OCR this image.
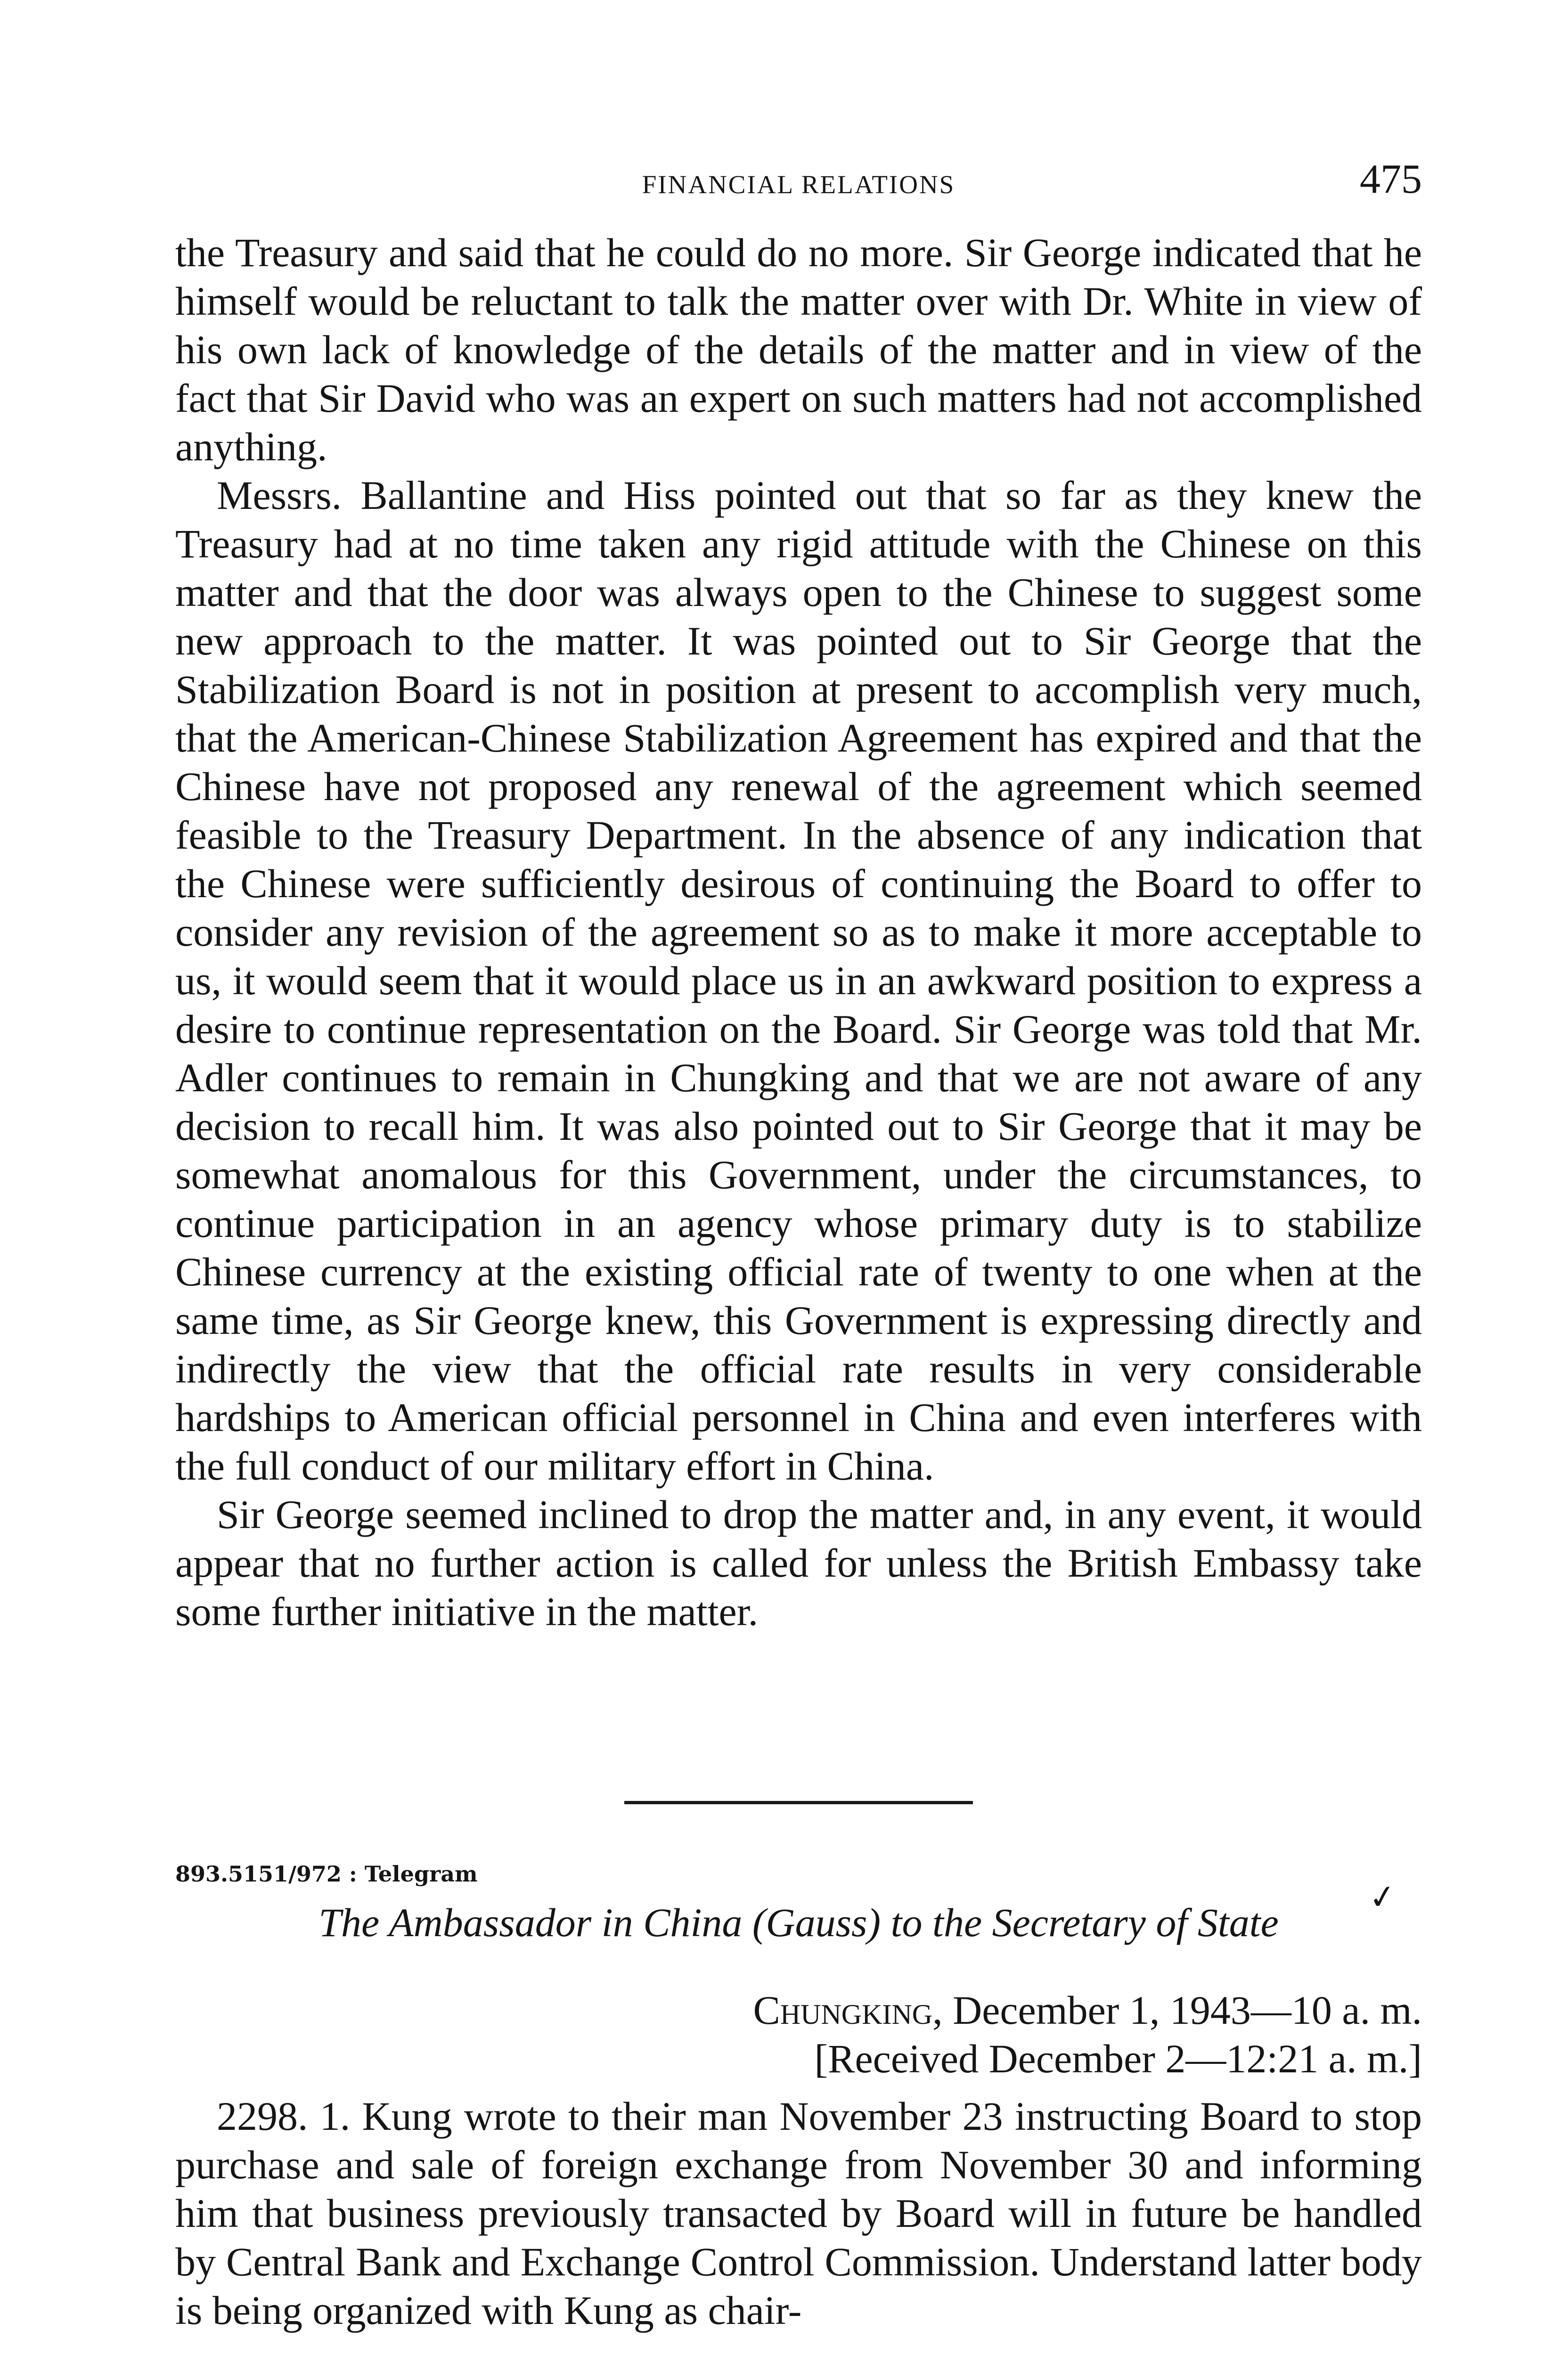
FINANCIAL RELATIONS	475

the Treasury and said that he could do no more. Sir George indicated that he himself would be reluctant to talk the matter over with Dr. White in view of his own lack of knowledge of the details of the matter and in view of the fact that Sir David who was an expert on such matters had not accomplished anything.

Messrs. Ballantine and Hiss pointed out that so far as they knew the Treasury had at no time taken any rigid attitude with the Chinese on this matter and that the door was always open to the Chinese to suggest some new approach to the matter. It was pointed out to Sir George that the Stabilization Board is not in position at present to accomplish very much, that the American-Chinese Stabilization Agreement has expired and that the Chinese have not proposed any renewal of the agreement which seemed feasible to the Treasury Department. In the absence of any indication that the Chinese were sufficiently desirous of continuing the Board to offer to consider any revision of the agreement so as to make it more acceptable to us, it would seem that it would place us in an awkward position to express a desire to continue representation on the Board. Sir George was told that Mr. Adler continues to remain in Chungking and that we are not aware of any decision to recall him. It was also pointed out to Sir George that it may be somewhat anomalous for this Government, under the circumstances, to continue participation in an agency whose primary duty is to stabilize Chinese currency at the existing official rate of twenty to one when at the same time, as Sir George knew, this Government is expressing directly and indirectly the view that the official rate results in very considerable hardships to American official personnel in China and even interferes with the full conduct of our military effort in China.

Sir George seemed inclined to drop the matter and, in any event, it would appear that no further action is called for unless the British Embassy take some further initiative in the matter.

893.5151/972 : Telegram
The Ambassador in China (Gauss) to the Secretary of State
✓
Chungking, December 1, 1943—10 a. m.
[Received December 2—12:21 a. m.]

2298. 1. Kung wrote to their man November 23 instructing Board to stop purchase and sale of foreign exchange from November 30 and informing him that business previously transacted by Board will in future be handled by Central Bank and Exchange Control Commission. Understand latter body is being organized with Kung as chair-
